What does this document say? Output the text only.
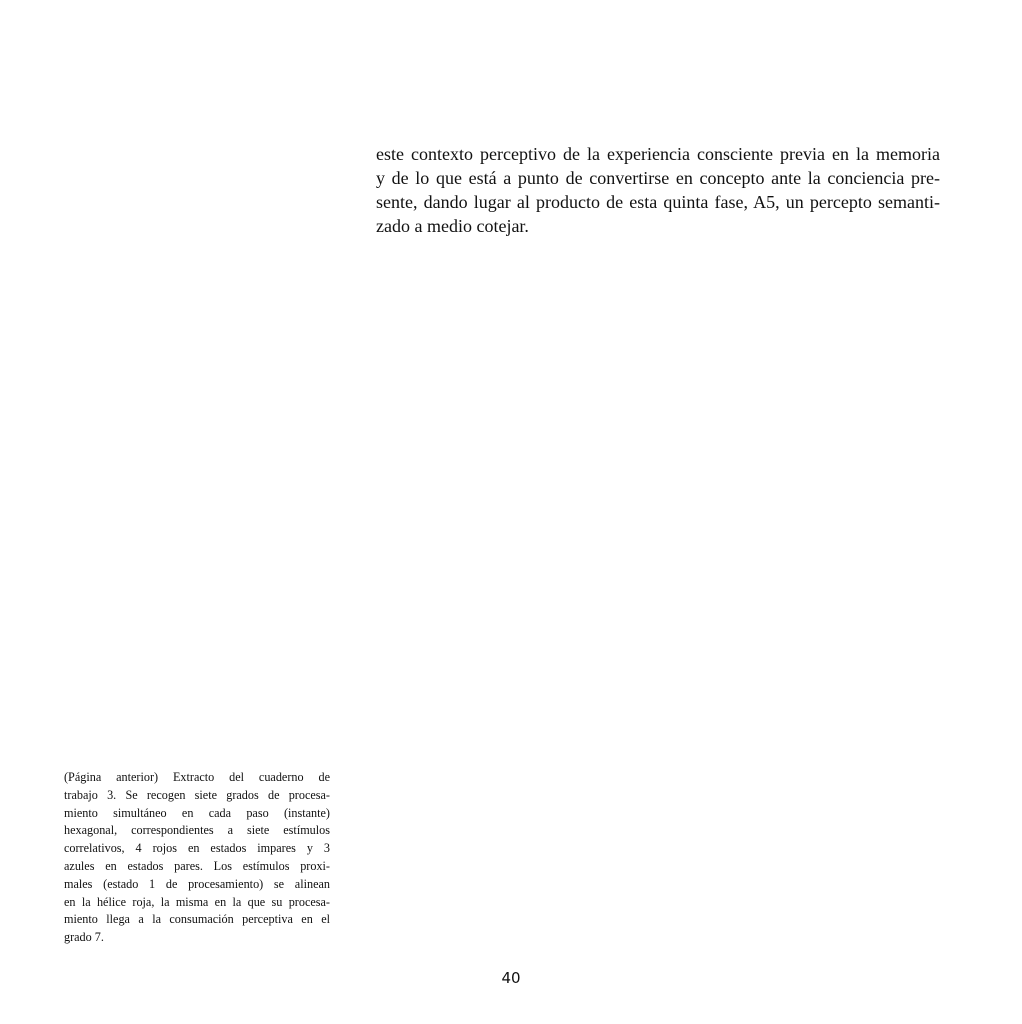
este contexto perceptivo de la experiencia consciente previa en la memoria
y de lo que está a punto de convertirse en concepto ante la conciencia pre-
sente, dando lugar al producto de esta quinta fase, A5, un percepto semanti-
zado a medio cotejar.

(Página anterior) Extracto del cuaderno de
trabajo 3. Se recogen siete grados de procesa-
miento simultáneo en cada paso (instante)
hexagonal, correspondientes a siete estímulos
correlativos, 4 rojos en estados impares y 3
azules en estados pares. Los estímulos proxi-
males (estado 1 de procesamiento) se alinean
en la hélice roja, la misma en la que su procesa-
miento llega a la consumación perceptiva en el
grado 7.

40
